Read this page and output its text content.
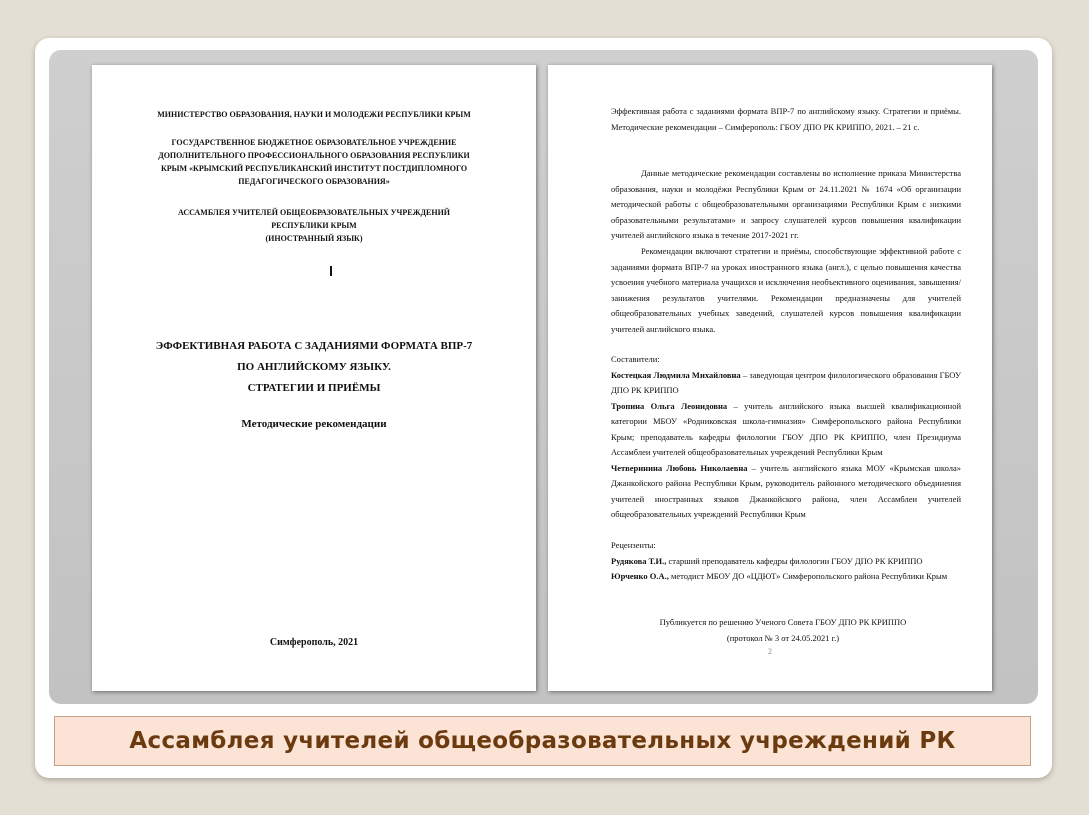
МИНИСТЕРСТВО ОБРАЗОВАНИЯ, НАУКИ И МОЛОДЕЖИ РЕСПУБЛИКИ КРЫМ
ГОСУДАРСТВЕННОЕ БЮДЖЕТНОЕ ОБРАЗОВАТЕЛЬНОЕ УЧРЕЖДЕНИЕ
ДОПОЛНИТЕЛЬНОГО ПРОФЕССИОНАЛЬНОГО ОБРАЗОВАНИЯ РЕСПУБЛИКИ
КРЫМ «КРЫМСКИЙ РЕСПУБЛИКАНСКИЙ ИНСТИТУТ ПОСТДИПЛОМНОГО
ПЕДАГОГИЧЕСКОГО ОБРАЗОВАНИЯ»
АССАМБЛЕЯ УЧИТЕЛЕЙ ОБЩЕОБРАЗОВАТЕЛЬНЫХ УЧРЕЖДЕНИЙ
РЕСПУБЛИКИ КРЫМ
(ИНОСТРАННЫЙ ЯЗЫК)
ЭФФЕКТИВНАЯ РАБОТА С ЗАДАНИЯМИ ФОРМАТА ВПР-7
ПО АНГЛИЙСКОМУ ЯЗЫКУ.
СТРАТЕГИИ И ПРИЁМЫ
Методические рекомендации
Симферополь, 2021
Эффективная работа с заданиями формата ВПР-7 по английскому языку. Стратегии и приёмы. Методические рекомендации – Симферополь: ГБОУ ДПО РК КРИППО, 2021. – 21 с.
Данные методические рекомендации составлены во исполнение приказа Министерства образования, науки и молодёжи Республики Крым от 24.11.2021 № 1674 «Об организации методической работы с общеобразовательными организациями Республики Крым с низкими образовательными результатами» и запросу слушателей курсов повышения квалификации учителей английского языка в течение 2017-2021 гг.
Рекомендации включают стратегии и приёмы, способствующие эффективной работе с заданиями формата ВПР-7 на уроках иностранного языка (англ.), с целью повышения качества усвоения учебного материала учащихся и исключения необъективного оценивания, завышения/занижения результатов учителями. Рекомендации предназначены для учителей общеобразовательных учебных заведений, слушателей курсов повышения квалификации учителей английского языка.
Составители:
Костецкая Людмила Михайловна – заведующая центром филологического образования ГБОУ ДПО РК КРИППО
Тропина Ольга Леонидовна – учитель английского языка высшей квалификационной категории МБОУ «Родниковская школа-гимназия» Симферопольского района Республики Крым; преподаватель кафедры филологии ГБОУ ДПО РК КРИППО, член Президиума Ассамблеи учителей общеобразовательных учреждений Республики Крым
Четверинина Любовь Николаевна – учитель английского языка МОУ «Крымская школа» Джанкойского района Республики Крым, руководитель районного методического объединения учителей иностранных языков Джанкойского района, член Ассамблеи учителей общеобразовательных учреждений Республики Крым
Рецензенты:
Рудякова Т.И., старший преподаватель кафедры филологии ГБОУ ДПО РК КРИППО
Юрченко О.А., методист МБОУ ДО «ЦДЮТ» Симферопольского района Республики Крым
Публикуется по решению Ученого Совета ГБОУ ДПО РК КРИППО
(протокол № 3 от 24.05.2021 г.)
2
Ассамблея учителей общеобразовательных учреждений РК
